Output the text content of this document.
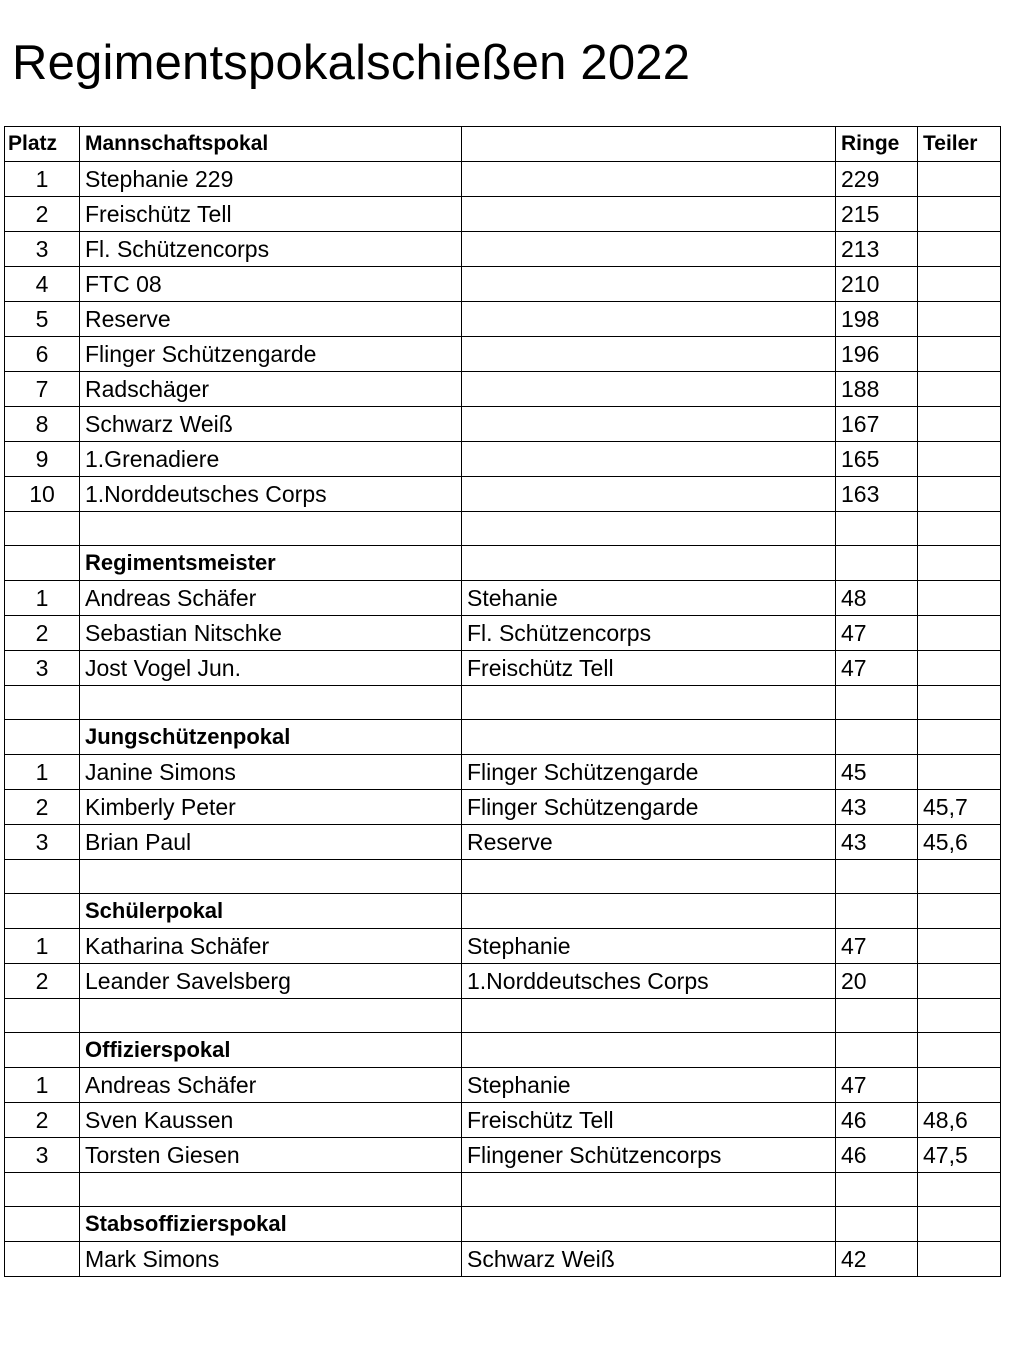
Regimentspokalschießen 2022
Platz	Mannschaftspokal		Ringe	Teiler
1	Stephanie 229		229	
2	Freischütz Tell		215	
3	Fl. Schützencorps		213	
4	FTC 08		210	
5	Reserve		198	
6	Flinger Schützengarde		196	
7	Radschäger		188	
8	Schwarz Weiß		167	
9	1.Grenadiere		165	
10	1.Norddeutsches Corps		163	

	Regimentsmeister			
1	Andreas Schäfer	Stehanie	48	
2	Sebastian Nitschke	Fl. Schützencorps	47	
3	Jost Vogel Jun.	Freischütz Tell	47	

	Jungschützenpokal			
1	Janine Simons	Flinger Schützengarde	45	
2	Kimberly Peter	Flinger Schützengarde	43	45,7
3	Brian Paul	Reserve	43	45,6

	Schülerpokal			
1	Katharina Schäfer	Stephanie	47	
2	Leander Savelsberg	1.Norddeutsches Corps	20	

	Offizierspokal			
1	Andreas Schäfer	Stephanie	47	
2	Sven Kaussen	Freischütz Tell	46	48,6
3	Torsten Giesen	Flingener Schützencorps	46	47,5

	Stabsoffizierspokal			
	Mark Simons	Schwarz Weiß	42	
